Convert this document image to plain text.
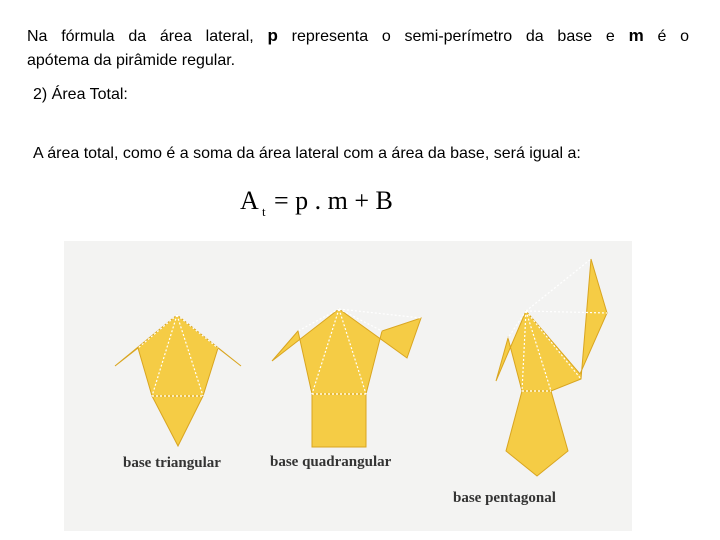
Na fórmula da área lateral, p representa o semi-perímetro da base e m é o
apótema da pirâmide regular.
2) Área Total:
A área total, como é a soma da área lateral com a área da base, será igual a:
A t = p . m + B
base triangular	base quadrangular
base pentagonal
